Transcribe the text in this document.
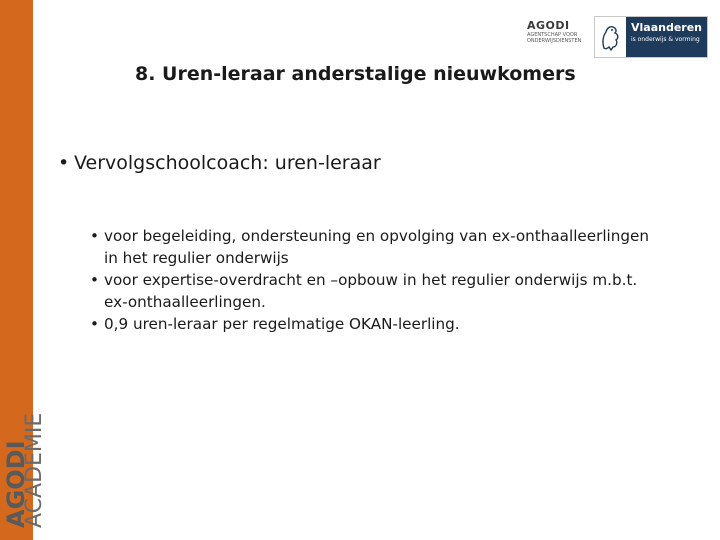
AGODI
ACADEMIE
AGODI
AGENTSCHAP VOOR
ONDERWIJSDIENSTEN
Vlaanderen
is onderwijs & vorming
8. Uren-leraar anderstalige nieuwkomers
• Vervolgschoolcoach: uren-leraar
• voor begeleiding, ondersteuning en opvolging van ex-onthaalleerlingen in het regulier onderwijs
• voor expertise-overdracht en –opbouw in het regulier onderwijs m.b.t. ex-onthaalleerlingen.
• 0,9 uren-leraar per regelmatige OKAN-leerling.
